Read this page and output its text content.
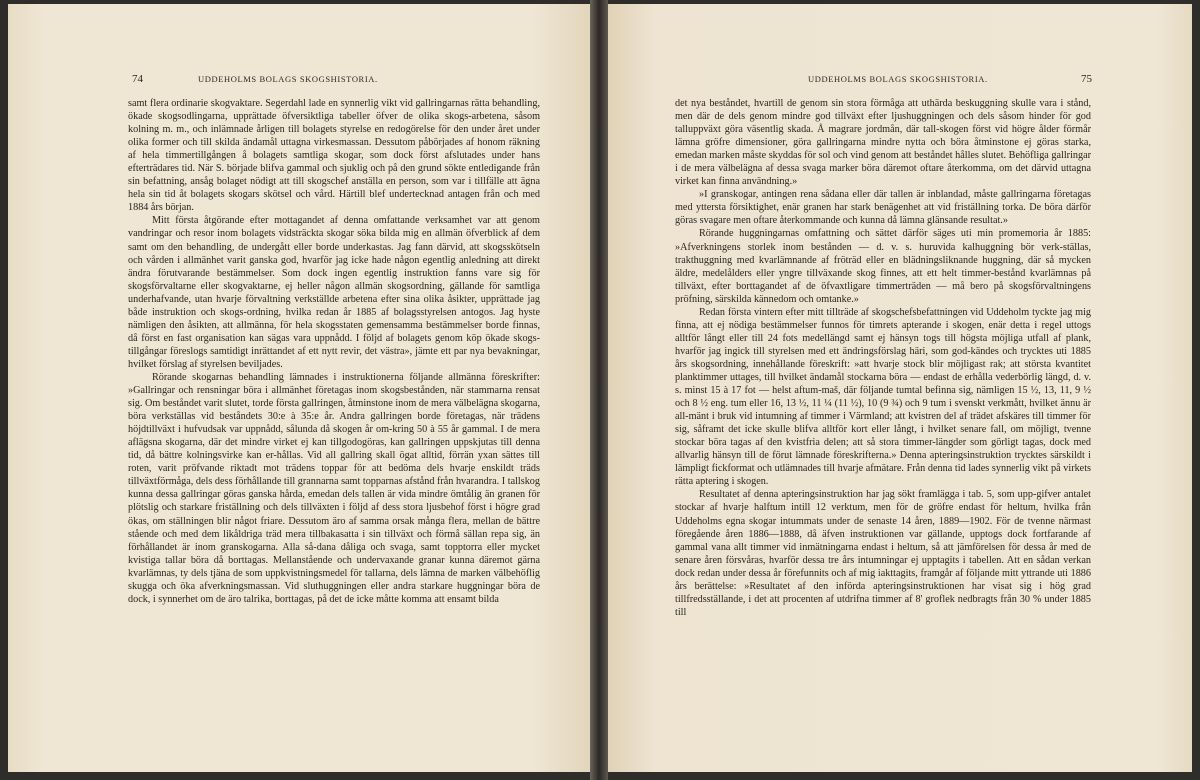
74	UDDEHOLMS BOLAGS SKOGSHISTORIA.

samt flera ordinarie skogvaktare. Segerdahl lade en synnerlig vikt vid gallringarnas rätta behandling, ökade skogsodlingarna, upprättade öfversiktliga tabeller öfver de olika skogs-arbetena, såsom kolning m. m., och inlämnade årligen till bolagets styrelse en redogörelse för den under året under olika former och till skilda ändamål uttagna virkesmassan. Dessutom påbörjades af honom räkning af hela timmertillgången å bolagets samtliga skogar, som dock först afslutades under hans efterträdares tid. När S. började blifva gammal och sjuklig och på den grund sökte entledigande från sin befattning, ansåg bolaget nödigt att till skogschef anställa en person, som var i tillfälle att ägna hela sin tid åt bolagets skogars skötsel och vård. Härtill blef undertecknad antagen från och med 1884 års början.

Mitt första åtgörande efter mottagandet af denna omfattande verksamhet var att genom vandringar och resor inom bolagets vidsträckta skogar söka bilda mig en allmän öfverblick af dem samt om den behandling, de undergått eller borde underkastas. Jag fann därvid, att skogsskötseln och vården i allmänhet varit ganska god, hvarför jag icke hade någon egentlig anledning att direkt ändra förutvarande bestämmelser. Som dock ingen egentlig instruktion fanns vare sig för skogsförvaltarne eller skogvaktarne, ej heller någon allmän skogsordning, gällande för samtliga underhafvande, utan hvarje förvaltning verkställde arbetena efter sina olika åsikter, upprättade jag både instruktion och skogs-ordning, hvilka redan år 1885 af bolagsstyrelsen antogos. Jag hyste nämligen den åsikten, att allmänna, för hela skogsstaten gemensamma bestämmelser borde finnas, då först en fast organisation kan sägas vara uppnådd. I följd af bolagets genom köp ökade skogs-tillgångar föreslogs samtidigt inrättandet af ett nytt revir, det västra», jämte ett par nya bevakningar, hvilket förslag af styrelsen beviljades.

Rörande skogarnas behandling lämnades i instruktionerna följande allmänna föreskrifter: »Gallringar och rensningar böra i allmänhet företagas inom skogsbestånden, när stammarna rensat sig. Om beståndet varit slutet, torde första gallringen, åtminstone inom de mera välbelägna skogarna, böra verkställas vid beståndets 30:e à 35:e år. Andra gallringen borde företagas, när trädens höjdtillväxt i hufvudsak var uppnådd, sålunda då skogen år om-kring 50 à 55 år gammal. I de mera aflägsna skogarna, där det mindre virket ej kan tillgodogöras, kan gallringen uppskjutas till denna tid, då bättre kolningsvirke kan er-hållas. Vid all gallring skall ögat alltid, förrän yxan sättes till roten, varit pröfvande riktadt mot trädens toppar för att bedöma dels hvarje enskildt träds tillväxtförmåga, dels dess förhållande till grannarna samt topparnas afstånd från hvarandra. I tallskog kunna dessa gallringar göras ganska hårda, emedan dels tallen är vida mindre ömtålig än granen för plötslig och starkare friställning och dels tillväxten i följd af dess stora ljusbehof först i högre grad ökas, om ställningen blir något friare. Dessutom äro af samma orsak många flera, mellan de bättre stående och med dem likåldriga träd mera tillbakasatta i sin tillväxt och förmå sällan repa sig, än förhållandet är inom granskogarna. Alla så-dana dåliga och svaga, samt topptorra eller mycket kvistiga tallar böra då borttagas. Mellanstående och undervaxande granar kunna däremot gärna kvarlämnas, ty dels tjäna de som uppkvistningsmedel för tallarna, dels lämna de marken välbehöflig skugga och öka afverkningsmassan. Vid sluthuggningen eller andra starkare huggningar böra de dock, i synnerhet om de äro talrika, borttagas, på det de icke måtte komma att ensamt bilda

UDDEHOLMS BOLAGS SKOGSHISTORIA.	75

det nya beståndet, hvartill de genom sin stora förmåga att uthärda beskuggning skulle vara i stånd, men där de dels genom mindre god tillväxt efter ljushuggningen och dels såsom hinder för god talluppväxt göra väsentlig skada. Å magrare jordmån, där tall-skogen först vid högre ålder förmår lämna gröfre dimensioner, göra gallringarna mindre nytta och böra åtminstone ej göras starka, emedan marken måste skyddas för sol och vind genom att beståndet hålles slutet. Behöfliga gallringar i de mera välbelägna af dessa svaga marker böra däremot oftare återkomma, om det därvid uttagna virket kan finna användning.»

»I granskogar, antingen rena sådana eller där tallen är inblandad, måste gallringarna företagas med yttersta försiktighet, enär granen har stark benägenhet att vid friställning torka. De böra därför göras svagare men oftare återkommande och kunna då lämna glänsande resultat.»

Rörande huggningarnas omfattning och sättet därför säges uti min promemoria år 1885: »Afverkningens storlek inom bestånden — d. v. s. huruvida kalhuggning bör verk-ställas, trakthuggning med kvarlämnande af fröträd eller en blädningsliknande huggning, där så mycken äldre, medelålders eller yngre tillväxande skog finnes, att ett helt timmer-bestånd kvarlämnas på tillväxt, efter borttagandet af de öfvaxtligare timmerträden — må bero på skogsförvaltningens pröfning, särskilda kännedom och omtanke.»

Redan första vintern efter mitt tillträde af skogschefsbefattningen vid Uddeholm tyckte jag mig finna, att ej nödiga bestämmelser funnos för timrets apterande i skogen, enär detta i regel uttogs alltför långt eller till 24 fots medellängd samt ej hänsyn togs till högsta möjliga utfall af plank, hvarför jag ingick till styrelsen med ett ändringsförslag häri, som god-kändes och trycktes uti 1885 års skogsordning, innehållande föreskrift: »att hvarje stock blir möjligast rak; att största kvantitet planktimmer uttages, till hvilket ändamål stockarna böra — endast de erhålla vederbörlig längd, d. v. s. minst 15 à 17 fot — helst aftum-maš, där följande tumtal befinna sig, nämligen 15 ½, 13, 11, 9 ½ och 8 ½ eng. tum eller 16, 13 ½, 11 ¼ (11 ½), 10 (9 ¾) och 9 tum i svenskt verkmått, hvilket ännu är all-mänt i bruk vid intumning af timmer i Värmland; att kvistren del af trädet afskäres till timmer för sig, såframt det icke skulle blifva alltför kort eller långt, i hvilket senare fall, om möjligt, tvenne stockar böra tagas af den kvistfria delen; att så stora timmer-längder som görligt tagas, dock med allvarlig hänsyn till de förut lämnade föreskrifterna.» Denna apteringsinstruktion trycktes särskildt i lämpligt fickformat och utlämnades till hvarje afmätare. Från denna tid lades synnerlig vikt på virkets rätta aptering i skogen.

Resultatet af denna apteringsinstruktion har jag sökt framlägga i tab. 5, som upp-gifver antalet stockar af hvarje halftum intill 12 verktum, men för de gröfre endast för heltum, hvilka från Uddeholms egna skogar intummats under de senaste 14 åren, 1889—1902. För de tvenne närmast föregående åren 1886—1888, då äfven instruktionen var gällande, upptogs dock fortfarande af gammal vana allt timmer vid inmätningarna endast i heltum, så att jämförelsen för dessa år med de senare åren försvåras, hvarför dessa tre års intumningar ej upptagits i tabellen. Att en sådan verkan dock redan under dessa år förefunnits och af mig iakttagits, framgår af följande mitt yttrande uti 1886 års berättelse: »Resultatet af den införda apteringsinstruktionen har visat sig i hög grad tillfredsställande, i det att procenten af utdrifna timmer af 8' groflek nedbragts från 30 % under 1885 till
